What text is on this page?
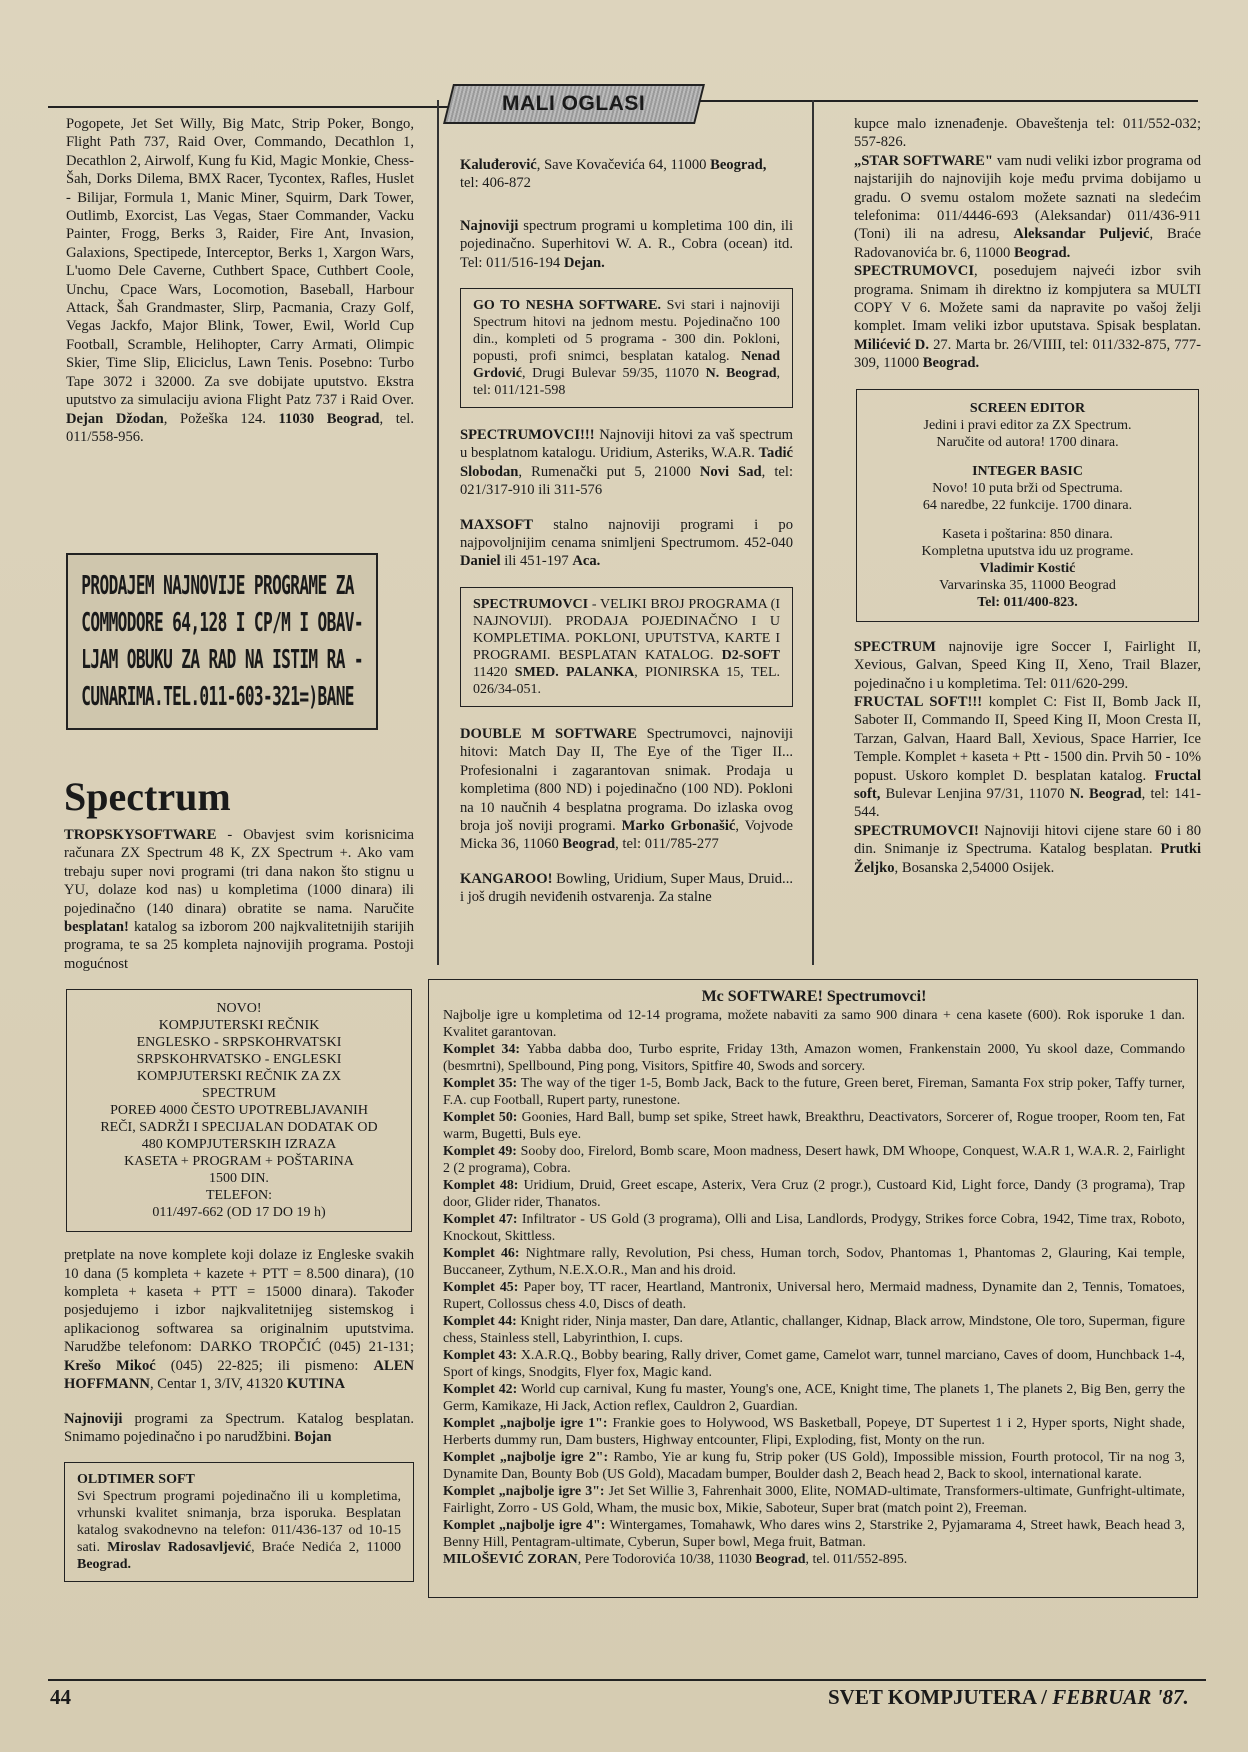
MALI OGLASI

Pogopete, Jet Set Willy, Big Matc, Strip Poker, Bongo, Flight Path 737, Raid Over, Commando, Decathlon 1, Decathlon 2, Airwolf, Kung fu Kid, Magic Monkie, Chess-Šah, Dorks Dilema, BMX Racer, Tycontex, Rafles, Huslet - Bilijar, Formula 1, Manic Miner, Squirm, Dark Tower, Outlimb, Exorcist, Las Vegas, Staer Commander, Vacku Painter, Frogg, Berks 3, Raider, Fire Ant, Invasion, Galaxions, Spectipede, Interceptor, Berks 1, Xargon Wars, L'uomo Dele Caverne, Cuthbert Space, Cuthbert Coole, Unchu, Cpace Wars, Locomotion, Baseball, Harbour Attack, Šah Grandmaster, Slirp, Pacmania, Crazy Golf, Vegas Jackfo, Major Blink, Tower, Ewil, World Cup Football, Scramble, Helihopter, Carry Armati, Olimpic Skier, Time Slip, Eliciclus, Lawn Tenis. Posebno: Turbo Tape 3072 i 32000. Za sve dobijate uputstvo. Ekstra uputstvo za simulaciju aviona Flight Patz 737 i Raid Over. Dejan Džodan, Požeška 124. 11030 Beograd, tel. 011/558-956.

PRODAJEM NAJNOVIJE PROGRAME ZA
COMMODORE 64,128 I CP/M I OBAV-
LJAM OBUKU ZA RAD NA ISTIM RA -
CUNARIMA.TEL.011-603-321=)BANE
Spectrum

TROPSKYSOFTWARE - Obavjest svim korisnicima računara ZX Spectrum 48 K, ZX Spectrum +. Ako vam trebaju super novi programi (tri dana nakon što stignu u YU, dolaze kod nas) u kompletima (1000 dinara) ili pojedinačno (140 dinara) obratite se nama. Naručite besplatan! katalog sa izborom 200 najkvalitetnijih starijih programa, te sa 25 kompleta najnovijih programa. Postoji mogućnost

NOVO!
KOMPJUTERSKI REČNIK
ENGLESKO - SRPSKOHRVATSKI
SRPSKOHRVATSKO - ENGLESKI
KOMPJUTERSKI REČNIK ZA ZX
SPECTRUM
POREĐ 4000 ČESTO UPOTREBLJAVANIH
REČI, SADRŽI I SPECIJALAN DODATAK OD
480 KOMPJUTERSKIH IZRAZA
KASETA + PROGRAM + POŠTARINA
1500 DIN.
TELEFON:
011/497-662 (OD 17 DO 19 h)

pretplate na nove komplete koji dolaze iz Engleske svakih 10 dana (5 kompleta + kazete + PTT = 8.500 dinara), (10 kompleta + kaseta + PTT = 15000 dinara). Također posjedujemo i izbor najkvalitetnijeg sistemskog i aplikacionog softwarea sa originalnim uputstvima. Narudžbe telefonom: DARKO TROPČIĆ (045) 21-131; Krešo Mikoć (045) 22-825; ili pismeno: ALEN HOFFMANN, Centar 1, 3/IV, 41320 KUTINA

Najnoviji programi za Spectrum. Katalog besplatan. Snimamo pojedinačno i po narudžbini. Bojan

OLDTIMER SOFT
Svi Spectrum programi pojedinačno ili u kompletima, vrhunski kvalitet snimanja, brza isporuka. Besplatan katalog svakodnevno na telefon: 011/436-137 od 10-15 sati. Miroslav Radosavljević, Braće Nedića 2, 11000 Beograd.

Kaluđerović, Save Kovačevića 64, 11000 Beograd,
tel: 406-872

Najnoviji spectrum programi u kompletima 100 din, ili pojedinačno. Superhitovi W. A. R., Cobra (ocean) itd. Tel: 011/516-194 Dejan.

GO TO NESHA SOFTWARE. Svi stari i najnoviji Spectrum hitovi na jednom mestu. Pojedinačno 100 din., kompleti od 5 programa - 300 din. Pokloni, popusti, profi snimci, besplatan katalog. Nenad Grdović, Drugi Bulevar 59/35, 11070 N. Beograd, tel: 011/121-598

SPECTRUMOVCI!!! Najnoviji hitovi za vaš spectrum u besplatnom katalogu. Uridium, Asteriks, W.A.R. Tadić Slobodan, Rumenački put 5, 21000 Novi Sad, tel: 021/317-910 ili 311-576

MAXSOFT stalno najnoviji programi i po najpovoljnijim cenama snimljeni Spectrumom. 452-040 Daniel ili 451-197 Aca.

SPECTRUMOVCI - VELIKI BROJ PROGRAMA (I NAJNOVIJI). PRODAJA POJEDINAČNO I U KOMPLETIMA. POKLONI, UPUTSTVA, KARTE I PROGRAMI. BESPLATAN KATALOG. D2-SOFT 11420 SMED. PALANKA, PIONIRSKA 15, TEL. 026/34-051.

DOUBLE M SOFTWARE Spectrumovci, najnoviji hitovi: Match Day II, The Eye of the Tiger II... Profesionalni i zagarantovan snimak. Prodaja u kompletima (800 ND) i pojedinačno (100 ND). Pokloni na 10 naučnih 4 besplatna programa. Do izlaska ovog broja još noviji programi. Marko Grbonašić, Vojvode Micka 36, 11060 Beograd, tel: 011/785-277

KANGAROO! Bowling, Uridium, Super Maus, Druid... i još drugih neviđenih ostvarenja. Za stalne

kupce malo iznenađenje. Obaveštenja tel: 011/552-032; 557-826.

„STAR SOFTWARE" vam nudi veliki izbor programa od najstarijih do najnovijih koje među prvima dobijamo u gradu. O svemu ostalom možete saznati na sledećim telefonima: 011/4446-693 (Aleksandar) 011/436-911 (Toni) ili na adresu, Aleksandar Puljević, Braće Radovanovića br. 6, 11000 Beograd.

SPECTRUMOVCI, posedujem najveći izbor svih programa. Snimam ih direktno iz kompjutera sa MULTI COPY V 6. Možete sami da napravite po vašoj želji komplet. Imam veliki izbor uputstava. Spisak besplatan. Milićević D. 27. Marta br. 26/VIIII, tel: 011/332-875, 777-309, 11000 Beograd.

SCREEN EDITOR
Jedini i pravi editor za ZX Spectrum.
Naručite od autora! 1700 dinara.
INTEGER BASIC
Novo! 10 puta brži od Spectruma.
64 naredbe, 22 funkcije. 1700 dinara.
Kaseta i poštarina: 850 dinara.
Kompletna uputstva idu uz programe.
Vladimir Kostić
Varvarinska 35, 11000 Beograd
Tel: 011/400-823.

SPECTRUM najnovije igre Soccer I, Fairlight II, Xevious, Galvan, Speed King II, Xeno, Trail Blazer, pojedinačno i u kompletima. Tel: 011/620-299.

FRUCTAL SOFT!!! komplet C: Fist II, Bomb Jack II, Saboter II, Commando II, Speed King II, Moon Cresta II, Tarzan, Galvan, Haard Ball, Xevious, Space Harrier, Ice Temple. Komplet + kaseta + Ptt - 1500 din. Prvih 50 - 10% popust. Uskoro komplet D. besplatan katalog. Fructal soft, Bulevar Lenjina 97/31, 11070 N. Beograd, tel: 141-544.

SPECTRUMOVCI! Najnoviji hitovi cijene stare 60 i 80 din. Snimanje iz Spectruma. Katalog besplatan. Prutki Željko, Bosanska 2,54000 Osijek.

Mc SOFTWARE! Spectrumovci!

Najbolje igre u kompletima od 12-14 programa, možete nabaviti za samo 900 dinara + cena kasete (600). Rok isporuke 1 dan. Kvalitet garantovan.

Komplet 34: Yabba dabba doo, Turbo esprite, Friday 13th, Amazon women, Frankenstain 2000, Yu skool daze, Commando (besmrtni), Spellbound, Ping pong, Visitors, Spitfire 40, Swods and sorcery.

Komplet 35: The way of the tiger 1-5, Bomb Jack, Back to the future, Green beret, Fireman, Samanta Fox strip poker, Taffy turner, F.A. cup Football, Rupert party, runestone.

Komplet 50: Goonies, Hard Ball, bump set spike, Street hawk, Breakthru, Deactivators, Sorcerer of, Rogue trooper, Room ten, Fat warm, Bugetti, Buls eye.

Komplet 49: Sooby doo, Firelord, Bomb scare, Moon madness, Desert hawk, DM Whoope, Conquest, W.A.R 1, W.A.R. 2, Fairlight 2 (2 programa), Cobra.

Komplet 48: Uridium, Druid, Greet escape, Asterix, Vera Cruz (2 progr.), Custoard Kid, Light force, Dandy (3 programa), Trap door, Glider rider, Thanatos.

Komplet 47: Infiltrator - US Gold (3 programa), Olli and Lisa, Landlords, Prodygy, Strikes force Cobra, 1942, Time trax, Roboto, Knockout, Skittless.

Komplet 46: Nightmare rally, Revolution, Psi chess, Human torch, Sodov, Phantomas 1, Phantomas 2, Glauring, Kai temple, Buccaneer, Zythum, N.E.X.O.R., Man and his droid.

Komplet 45: Paper boy, TT racer, Heartland, Mantronix, Universal hero, Mermaid madness, Dynamite dan 2, Tennis, Tomatoes, Rupert, Collossus chess 4.0, Discs of death.

Komplet 44: Knight rider, Ninja master, Dan dare, Atlantic, challanger, Kidnap, Black arrow, Mindstone, Ole toro, Superman, figure chess, Stainless stell, Labyrinthion, I. cups.

Komplet 43: X.A.R.Q., Bobby bearing, Rally driver, Comet game, Camelot warr, tunnel marciano, Caves of doom, Hunchback 1-4, Sport of kings, Snodgits, Flyer fox, Magic kand.

Komplet 42: World cup carnival, Kung fu master, Young's one, ACE, Knight time, The planets 1, The planets 2, Big Ben, gerry the Germ, Kamikaze, Hi Jack, Action reflex, Cauldron 2, Guardian.

Komplet „najbolje igre 1": Frankie goes to Holywood, WS Basketball, Popeye, DT Supertest 1 i 2, Hyper sports, Night shade, Herberts dummy run, Dam busters, Highway entcounter, Flipi, Exploding, fist, Monty on the run.

Komplet „najbolje igre 2": Rambo, Yie ar kung fu, Strip poker (US Gold), Impossible mission, Fourth protocol, Tir na nog 3, Dynamite Dan, Bounty Bob (US Gold), Macadam bumper, Boulder dash 2, Beach head 2, Back to skool, international karate.

Komplet „najbolje igre 3": Jet Set Willie 3, Fahrenhait 3000, Elite, NOMAD-ultimate, Transformers-ultimate, Gunfright-ultimate, Fairlight, Zorro - US Gold, Wham, the music box, Mikie, Saboteur, Super brat (match point 2), Freeman.

Komplet „najbolje igre 4": Wintergames, Tomahawk, Who dares wins 2, Starstrike 2, Pyjamarama 4, Street hawk, Beach head 3, Benny Hill, Pentagram-ultimate, Cyberun, Super bowl, Mega fruit, Batman.

MILOŠEVIĆ ZORAN, Pere Todorovića 10/38, 11030 Beograd, tel. 011/552-895.

44	SVET KOMPJUTERA / FEBRUAR '87.
